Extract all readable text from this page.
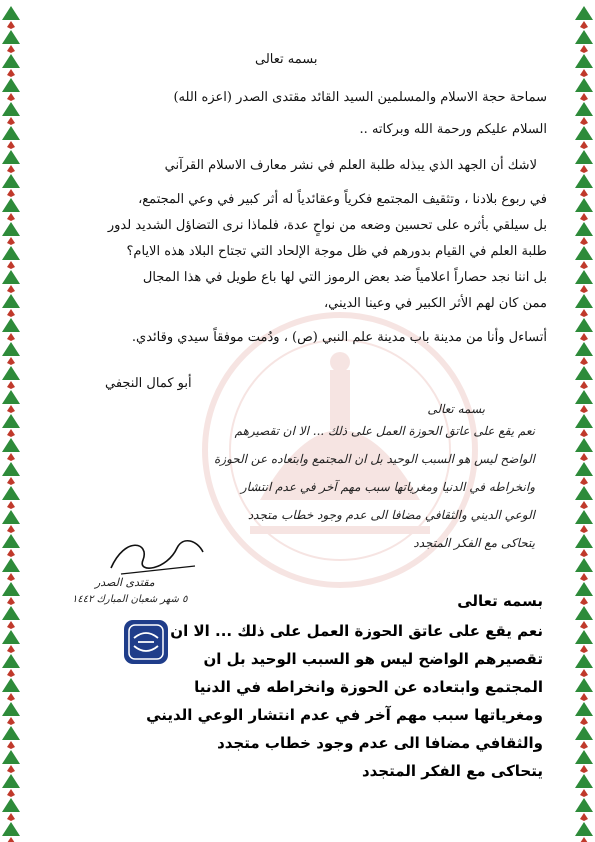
بسمه تعالى
سماحة حجة الاسلام والمسلمين السيد القائد مقتدى الصدر (اعزه الله)
السلام عليكم ورحمة الله وبركاته ..
لاشك أن الجهد الذي يبذله طلبة العلم في نشر معارف الاسلام القرآني
في ربوع بلادنا ، وتثقيف المجتمع فكرياً وعقائدياً له أثر كبير في وعي المجتمع،
بل سيلقي بأثره على تحسين وضعه من نواحٍ عدة، فلماذا نرى التضاؤل الشديد لدور
طلبة العلم في القيام بدورهم في ظل موجة الإلحاد التي تجتاح البلاد هذه الايام؟
بل اننا نجد حصاراً اعلامياً ضد بعض الرموز التي لها باع طويل في هذا المجال
ممن كان لهم الأثر الكبير في وعينا الديني،
أتساءل وأنا من مدينة باب مدينة علم النبي (ص) ، ودُمت موفقاً سيدي وقائدي.
أبو كمال النجفي
بسمه تعالى
نعم يقع على عاتق الحوزة العمل على ذلك ... الا ان تقصيرهم
الواضح ليس هو السبب الوحيد بل ان المجتمع وابتعاده عن الحوزة
وانخراطه في الدنيا ومغرياتها سبب مهم آخر في عدم انتشار
الوعي الديني والثقافي مضافا الى عدم وجود خطاب متجدد
يتحاكى مع الفكر المتجدد
مقتدى الصدر
٥ شهر شعبان المبارك ١٤٤٢	بسمه تعالى
نعم يقع على عاتق الحوزة العمل على ذلك ... الا ان
تقصيرهم الواضح ليس هو السبب الوحيد بل ان
المجتمع وابتعاده عن الحوزة وانخراطه في الدنيا
ومغرياتها سبب مهم آخر في عدم انتشار الوعي الديني
والثقافي مضافا الى عدم وجود خطاب متجدد
يتحاكى مع الفكر المتجدد
